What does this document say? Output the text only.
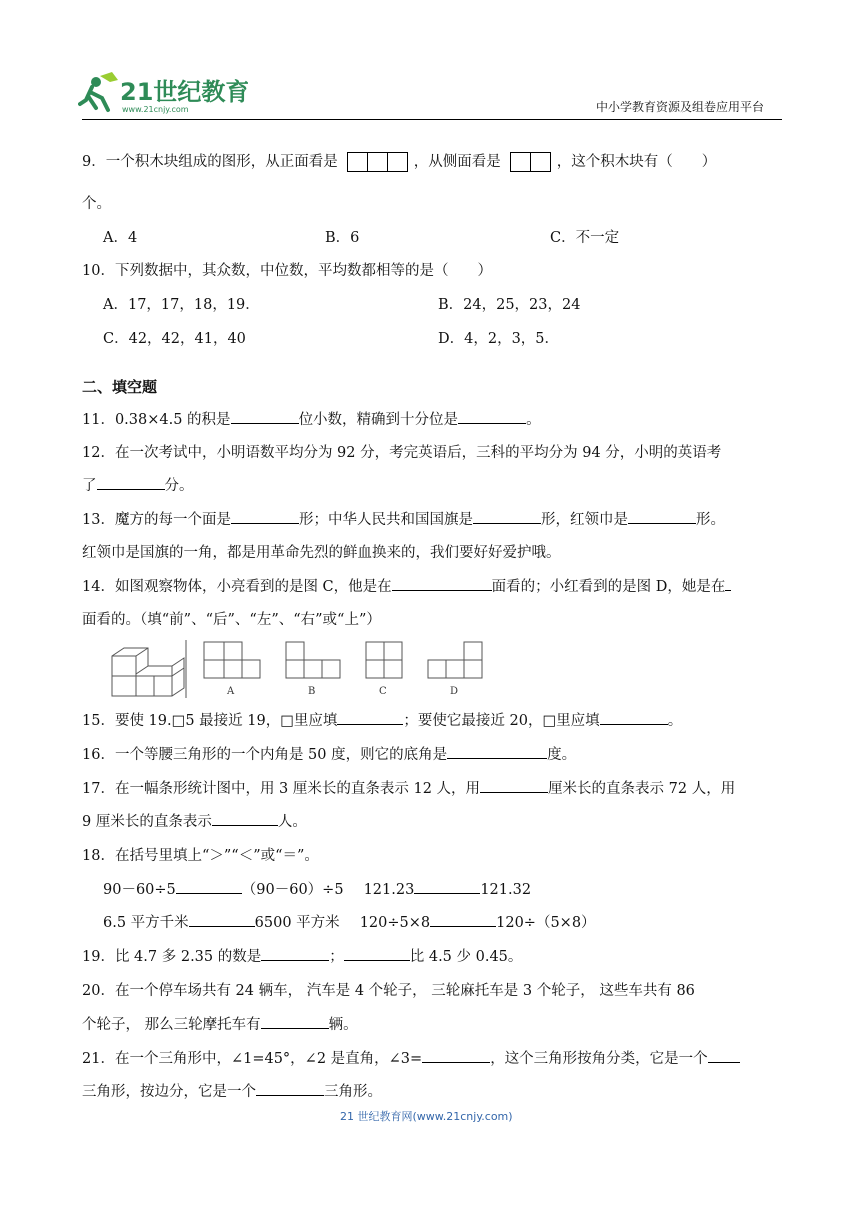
21世纪教育
www.21cnjy.com	中小学教育资源及组卷应用平台
9．一个积木块组成的图形，从正面看是	，从侧面看是	，这个积木块有（　　）
个。
A．4	B．6	C．不一定
10．下列数据中，其众数，中位数，平均数都相等的是（　　）
A．17，17，18，19．	B．24，25，23，24
C．42，42，41，40	D．4，2，3，5．
二、填空题
11．0.38×4.5 的积是	位小数，精确到十分位是	。
12．在一次考试中，小明语数平均分为 92 分，考完英语后，三科的平均分为 94 分，小明的英语考
了	分。
13．魔方的每一个面是	形；中华人民共和国国旗是	形，红领巾是	形。
红领巾是国旗的一角，都是用革命先烈的鲜血换来的，我们要好好爱护哦。
14．如图观察物体，小亮看到的是图 C，他是在	面看的；小红看到的是图 D，她是在
面看的。（填“前”、“后”、“左”、“右”或“上”）
A	B	C	D
15．要使 19.□5 最接近 19，□里应填	；要使它最接近 20，□里应填	。
16．一个等腰三角形的一个内角是 50 度，则它的底角是	度。
17．在一幅条形统计图中，用 3 厘米长的直条表示 12 人，用	厘米长的直条表示 72 人，用
9 厘米长的直条表示	人。
18．在括号里填上“＞”“＜”或“＝”。
90－60÷5	（90－60）÷5 121.23	121.32
6.5 平方千米	6500 平方米 120÷5×8	120÷（5×8）
19．比 4.7 多 2.35 的数是	；	比 4.5 少 0.45。
20．在一个停车场共有 24 辆车， 汽车是 4 个轮子， 三轮麻托车是 3 个轮子， 这些车共有 86
个轮子， 那么三轮摩托车有	辆。
21．在一个三角形中，∠1=45°，∠2 是直角，∠3=	，这个三角形按角分类，它是一个
三角形，按边分，它是一个	三角形。
21 世纪教育网(www.21cnjy.com)
